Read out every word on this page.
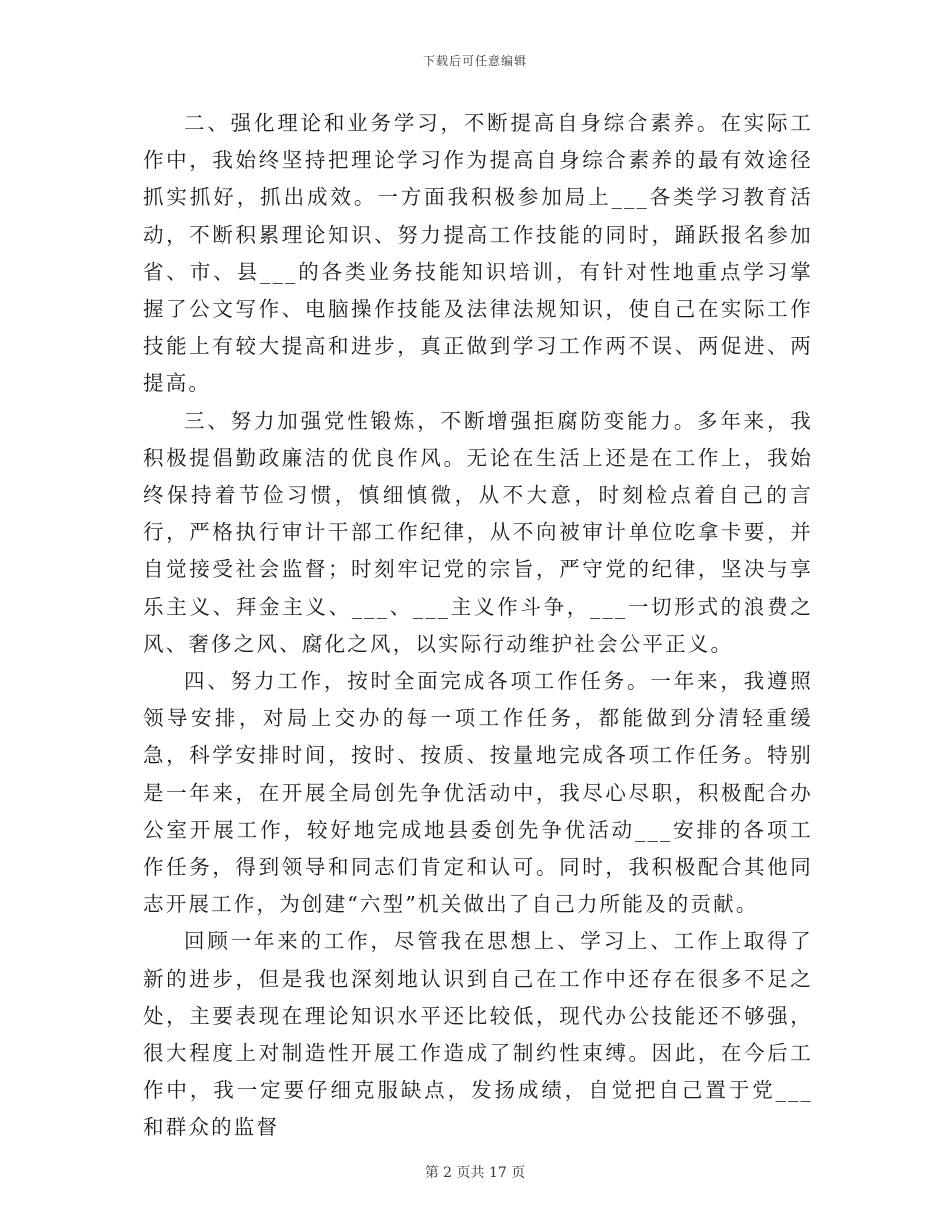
下载后可任意编辑

二、强化理论和业务学习，不断提高自身综合素养。在实际工作中，我始终坚持把理论学习作为提高自身综合素养的最有效途径抓实抓好，抓出成效。一方面我积极参加局上___各类学习教育活动，不断积累理论知识、努力提高工作技能的同时，踊跃报名参加省、市、县___的各类业务技能知识培训，有针对性地重点学习掌握了公文写作、电脑操作技能及法律法规知识，使自己在实际工作技能上有较大提高和进步，真正做到学习工作两不误、两促进、两提高。

三、努力加强党性锻炼，不断增强拒腐防变能力。多年来，我积极提倡勤政廉洁的优良作风。无论在生活上还是在工作上，我始终保持着节俭习惯，慎细慎微，从不大意，时刻检点着自己的言行，严格执行审计干部工作纪律，从不向被审计单位吃拿卡要，并自觉接受社会监督；时刻牢记党的宗旨，严守党的纪律，坚决与享乐主义、拜金主义、___、___主义作斗争，___一切形式的浪费之风、奢侈之风、腐化之风，以实际行动维护社会公平正义。

四、努力工作，按时全面完成各项工作任务。一年来，我遵照领导安排，对局上交办的每一项工作任务，都能做到分清轻重缓急，科学安排时间，按时、按质、按量地完成各项工作任务。特别是一年来，在开展全局创先争优活动中，我尽心尽职，积极配合办公室开展工作，较好地完成地县委创先争优活动___安排的各项工作任务，得到领导和同志们肯定和认可。同时，我积极配合其他同志开展工作，为创建“六型”机关做出了自己力所能及的贡献。

回顾一年来的工作，尽管我在思想上、学习上、工作上取得了新的进步，但是我也深刻地认识到自己在工作中还存在很多不足之处，主要表现在理论知识水平还比较低，现代办公技能还不够强，很大程度上对制造性开展工作造成了制约性束缚。因此，在今后工作中，我一定要仔细克服缺点，发扬成绩，自觉把自己置于党___和群众的监督

第 2 页共 17 页
